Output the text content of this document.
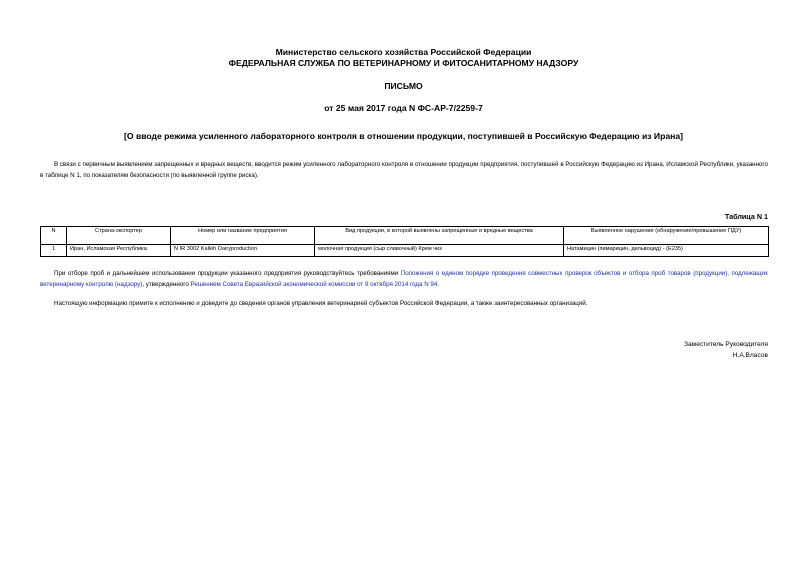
Министерство сельского хозяйства Российской Федерации
ФЕДЕРАЛЬНАЯ СЛУЖБА ПО ВЕТЕРИНАРНОМУ И ФИТОСАНИТАРНОМУ НАДЗОРУ
ПИСЬМО
от 25 мая 2017 года N ФС-АР-7/2259-7
[О вводе режима усиленного лабораторного контроля в отношении продукции, поступившей в Российскую Федерацию из Ирана]
В связи с первичным выявлением запрещенных и вредных веществ, вводится режим усиленного лабораторного контроля в отношении продукции предприятия, поступившей в Российскую Федерацию из Ирана, Исламской Республики, указанного в таблице N 1, по показателям безопасности (по выявленной группе риска).
Таблица N 1
N	Страна-экспортер	Номер или название предприятия	Вид продукции, в которой выявлены запрещенные и вредные вещества	Выявленное нарушение (обнаружение/превышение ПДУ)
1	Иран, Исламская Республика	N IR 3002 Kalleh Dairyproduction	молочная продукция (сыр сливочный) Крем чиз	Натамицин (пимарицин, дельвоцид) - (E235)
При отборе проб и дальнейшем использовании продукции указанного предприятия руководствуйтесь требованиями Положения о едином порядке проведения совместных проверок объектов и отбора проб товаров (продукции), подлежащих ветеринарному контролю (надзору), утвержденного Решением Совета Евразийской экономической комиссии от 9 октября 2014 года N 94.
Настоящую информацию примите к исполнению и доведите до сведения органов управления ветеринарией субъектов Российской Федерации, а также заинтересованных организаций.
Заместитель Руководителя
Н.А.Власов
